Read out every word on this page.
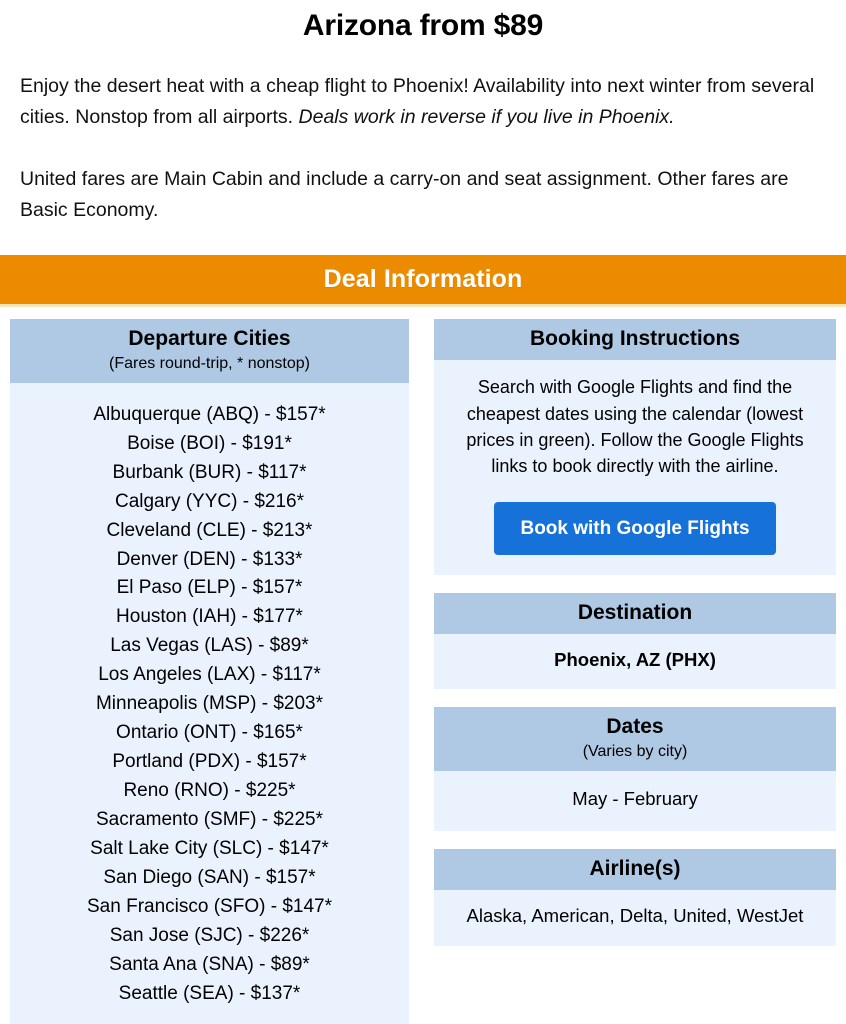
Arizona from $89

Enjoy the desert heat with a cheap flight to Phoenix! Availability into next winter from several cities. Nonstop from all airports. Deals work in reverse if you live in Phoenix.

United fares are Main Cabin and include a carry-on and seat assignment. Other fares are Basic Economy.

Deal Information
Departure Cities
(Fares round-trip, * nonstop)
Albuquerque (ABQ) - $157*
Boise (BOI) - $191*
Burbank (BUR) - $117*
Calgary (YYC) - $216*
Cleveland (CLE) - $213*
Denver (DEN) - $133*
El Paso (ELP) - $157*
Houston (IAH) - $177*
Las Vegas (LAS) - $89*
Los Angeles (LAX) - $117*
Minneapolis (MSP) - $203*
Ontario (ONT) - $165*
Portland (PDX) - $157*
Reno (RNO) - $225*
Sacramento (SMF) - $225*
Salt Lake City (SLC) - $147*
San Diego (SAN) - $157*
San Francisco (SFO) - $147*
San Jose (SJC) - $226*
Santa Ana (SNA) - $89*
Seattle (SEA) - $137*
Booking Instructions

Search with Google Flights and find the cheapest dates using the calendar (lowest prices in green). Follow the Google Flights links to book directly with the airline.

Book with Google Flights
Destination
Phoenix, AZ (PHX)
Dates
(Varies by city)
May - February
Airline(s)
Alaska, American, Delta, United, WestJet
